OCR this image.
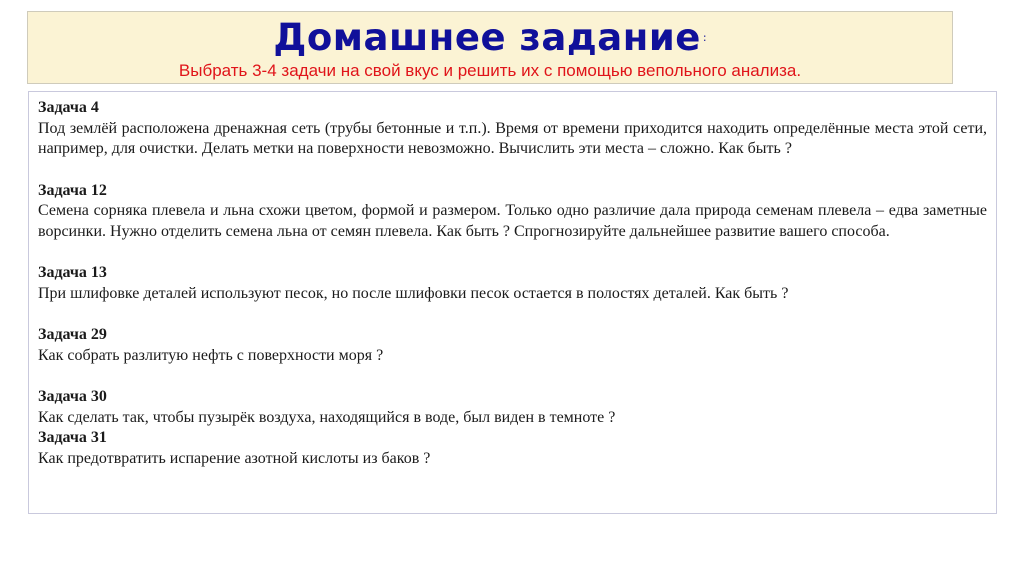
Домашнее задание :
Выбрать 3-4 задачи на свой вкус и решить их с помощью вепольного анализа.
Задача 4
Под землёй расположена дренажная сеть (трубы бетонные и т.п.). Время от времени приходится находить определённые места этой сети, например, для очистки. Делать метки на поверхности невозможно. Вычислить эти места – сложно. Как быть ?
Задача 12
Семена сорняка плевела и льна схожи цветом, формой и размером. Только одно различие дала природа семенам плевела – едва заметные ворсинки. Нужно отделить семена льна от семян плевела. Как быть ? Спрогнозируйте дальнейшее развитие вашего способа.
Задача 13
При шлифовке деталей используют песок, но после шлифовки песок остается в полостях деталей. Как быть ?
Задача 29
Как собрать разлитую нефть с поверхности моря ?
Задача 30
Как сделать так, чтобы пузырёк воздуха, находящийся в воде, был виден в темноте ?
Задача 31
Как предотвратить испарение азотной кислоты из баков ?
